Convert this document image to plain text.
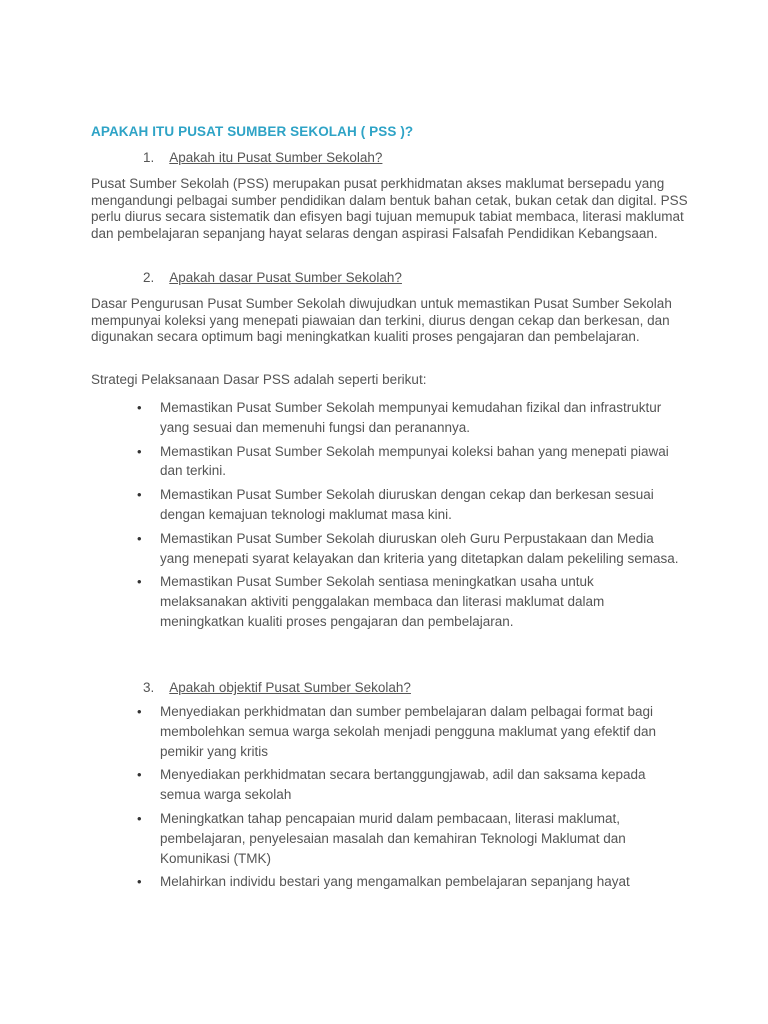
APAKAH ITU PUSAT SUMBER SEKOLAH ( PSS )?
1. Apakah itu Pusat Sumber Sekolah?

Pusat Sumber Sekolah (PSS) merupakan pusat perkhidmatan akses maklumat bersepadu yang mengandungi pelbagai sumber pendidikan dalam bentuk bahan cetak, bukan cetak dan digital. PSS perlu diurus secara sistematik dan efisyen bagi tujuan memupuk tabiat membaca, literasi maklumat dan pembelajaran sepanjang hayat selaras dengan aspirasi Falsafah Pendidikan Kebangsaan.

2. Apakah dasar Pusat Sumber Sekolah?

Dasar Pengurusan Pusat Sumber Sekolah diwujudkan untuk memastikan Pusat Sumber Sekolah mempunyai koleksi yang menepati piawaian dan terkini, diurus dengan cekap dan berkesan, dan digunakan secara optimum bagi meningkatkan kualiti proses pengajaran dan pembelajaran.

Strategi Pelaksanaan Dasar PSS adalah seperti berikut:

• Memastikan Pusat Sumber Sekolah mempunyai kemudahan fizikal dan infrastruktur yang sesuai dan memenuhi fungsi dan peranannya.
• Memastikan Pusat Sumber Sekolah mempunyai koleksi bahan yang menepati piawai dan terkini.
• Memastikan Pusat Sumber Sekolah diuruskan dengan cekap dan berkesan sesuai dengan kemajuan teknologi maklumat masa kini.
• Memastikan Pusat Sumber Sekolah diuruskan oleh Guru Perpustakaan dan Media yang menepati syarat kelayakan dan kriteria yang ditetapkan dalam pekeliling semasa.
• Memastikan Pusat Sumber Sekolah sentiasa meningkatkan usaha untuk melaksanakan aktiviti penggalakan membaca dan literasi maklumat dalam meningkatkan kualiti proses pengajaran dan pembelajaran.
3. Apakah objektif Pusat Sumber Sekolah?
• Menyediakan perkhidmatan dan sumber pembelajaran dalam pelbagai format bagi membolehkan semua warga sekolah menjadi pengguna maklumat yang efektif dan pemikir yang kritis
• Menyediakan perkhidmatan secara bertanggungjawab, adil dan saksama kepada semua warga sekolah
• Meningkatkan tahap pencapaian murid dalam pembacaan, literasi maklumat, pembelajaran, penyelesaian masalah dan kemahiran Teknologi Maklumat dan Komunikasi (TMK)
• Melahirkan individu bestari yang mengamalkan pembelajaran sepanjang hayat
